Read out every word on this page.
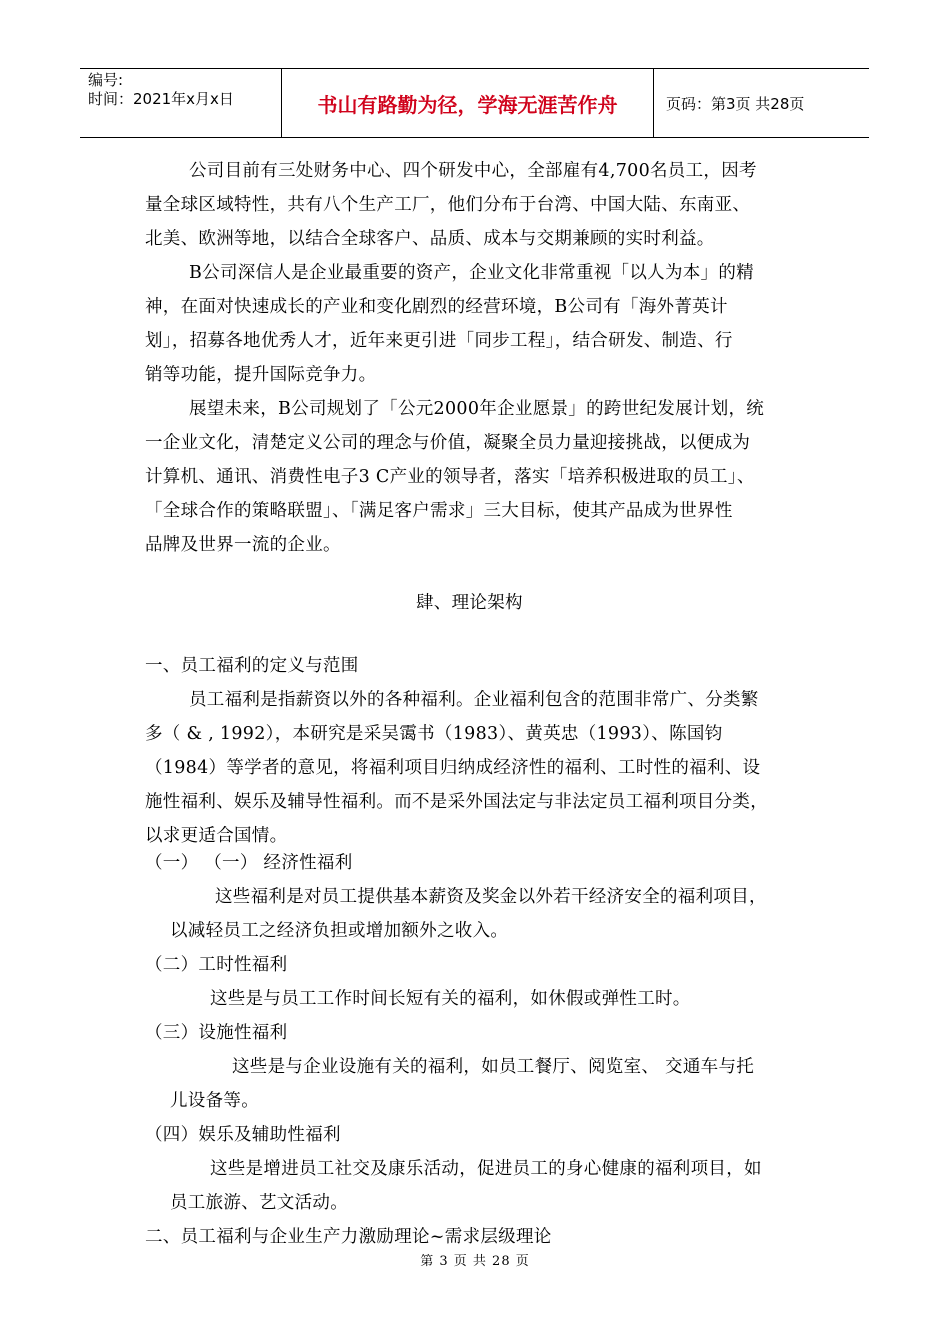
编号:
时间：2021年x月x日	书山有路勤为径，学海无涯苦作舟	页码：第3页 共28页
公司目前有三处财务中心、四个研发中心，全部雇有4,700名员工，因考
量全球区域特性，共有八个生产工厂，他们分布于台湾、中国大陆、东南亚、
北美、欧洲等地，以结合全球客户、品质、成本与交期兼顾的实时利益。
B公司深信人是企业最重要的资产，企业文化非常重视「以人为本」的精
神，在面对快速成长的产业和变化剧烈的经营环境，B公司有「海外菁英计
划」，招募各地优秀人才，近年来更引进「同步工程」，结合研发、制造、行
销等功能，提升国际竞争力。
展望未来，B公司规划了「公元2000年企业愿景」的跨世纪发展计划，统
一企业文化，清楚定义公司的理念与价值，凝聚全员力量迎接挑战，以便成为
计算机、通讯、消费性电子3 C产业的领导者，落实「培养积极进取的员工」、
「全球合作的策略联盟」、「满足客户需求」三大目标，使其产品成为世界性
品牌及世界一流的企业。
肆、理论架构
一、员工福利的定义与范围
员工福利是指薪资以外的各种福利。企业福利包含的范围非常广、分类繁
多（ & , 1992），本研究是采吴霭书（1983）、黄英忠（1993）、陈国钧
（1984）等学者的意见，将福利项目归纳成经济性的福利、工时性的福利、设
施性福利、娱乐及辅导性福利。而不是采外国法定与非法定员工福利项目分类，
以求更适合国情。
（一） （一） 经济性福利
这些福利是对员工提供基本薪资及奖金以外若干经济安全的福利项目，
以减轻员工之经济负担或增加额外之收入。
（二）工时性福利
这些是与员工工作时间长短有关的福利，如休假或弹性工时。
（三）设施性福利
这些是与企业设施有关的福利，如员工餐厅、阅览室、 交通车与托
儿设备等。
（四）娱乐及辅助性福利
这些是增进员工社交及康乐活动，促进员工的身心健康的福利项目，如
员工旅游、艺文活动。
二、员工福利与企业生产力激励理论~需求层级理论
第 3 页 共 28 页
